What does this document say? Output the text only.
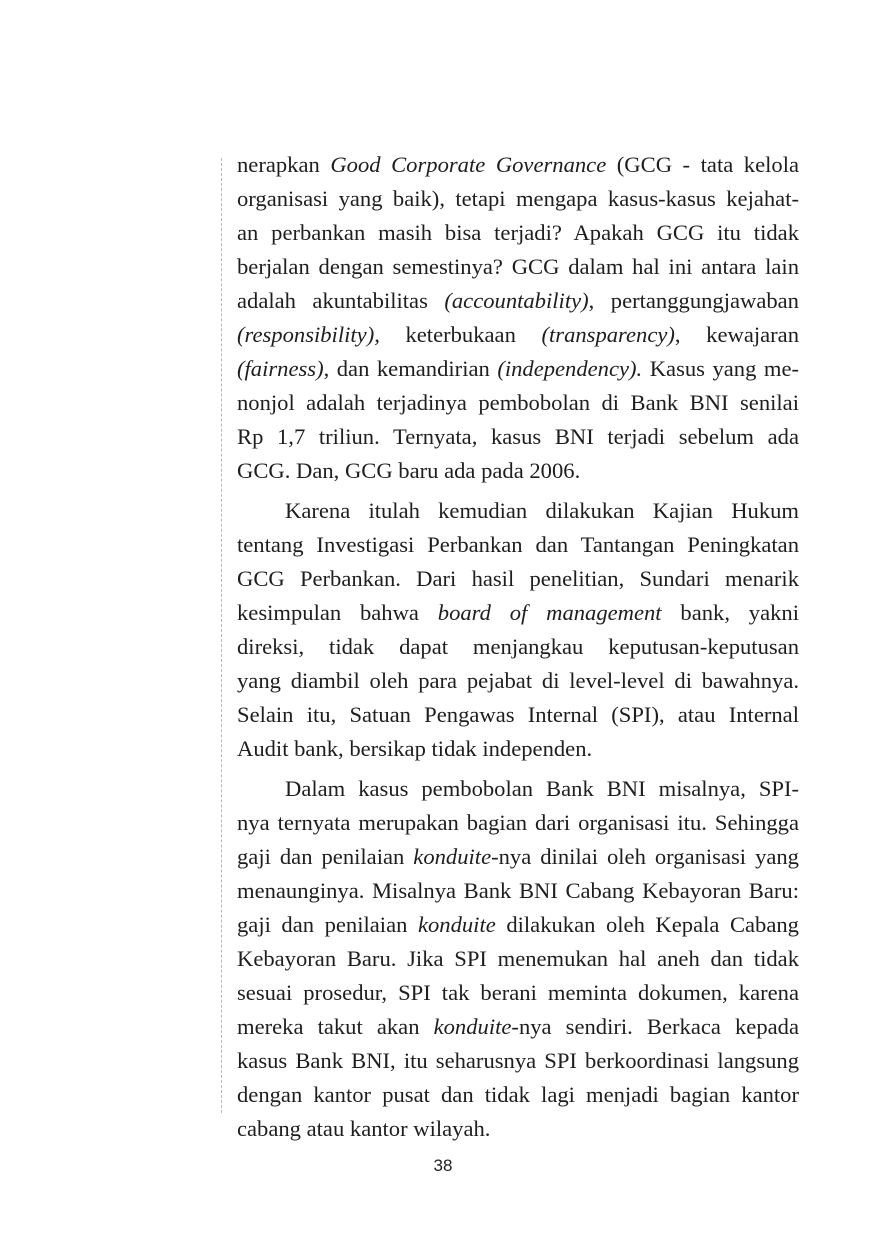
nerapkan Good Corporate Governance (GCG - tata kelola
organisasi yang baik), tetapi mengapa kasus-kasus kejahat-
an perbankan masih bisa terjadi? Apakah GCG itu tidak
berjalan dengan semestinya? GCG dalam hal ini antara lain
adalah akuntabilitas (accountability), pertanggungjawaban
(responsibility), keterbukaan (transparency), kewajaran
(fairness), dan kemandirian (independency). Kasus yang me-
nonjol adalah terjadinya pembobolan di Bank BNI senilai
Rp 1,7 triliun. Ternyata, kasus BNI terjadi sebelum ada
GCG. Dan, GCG baru ada pada 2006.

Karena itulah kemudian dilakukan Kajian Hukum
tentang Investigasi Perbankan dan Tantangan Peningkatan
GCG Perbankan. Dari hasil penelitian, Sundari menarik
kesimpulan bahwa board of management bank, yakni
direksi, tidak dapat menjangkau keputusan-keputusan
yang diambil oleh para pejabat di level-level di bawahnya.
Selain itu, Satuan Pengawas Internal (SPI), atau Internal
Audit bank, bersikap tidak independen.

Dalam kasus pembobolan Bank BNI misalnya, SPI-
nya ternyata merupakan bagian dari organisasi itu. Sehingga
gaji dan penilaian konduite-nya dinilai oleh organisasi yang
menaunginya. Misalnya Bank BNI Cabang Kebayoran Baru:
gaji dan penilaian konduite dilakukan oleh Kepala Cabang
Kebayoran Baru. Jika SPI menemukan hal aneh dan tidak
sesuai prosedur, SPI tak berani meminta dokumen, karena
mereka takut akan konduite-nya sendiri. Berkaca kepada
kasus Bank BNI, itu seharusnya SPI berkoordinasi langsung
dengan kantor pusat dan tidak lagi menjadi bagian kantor
cabang atau kantor wilayah.

38
